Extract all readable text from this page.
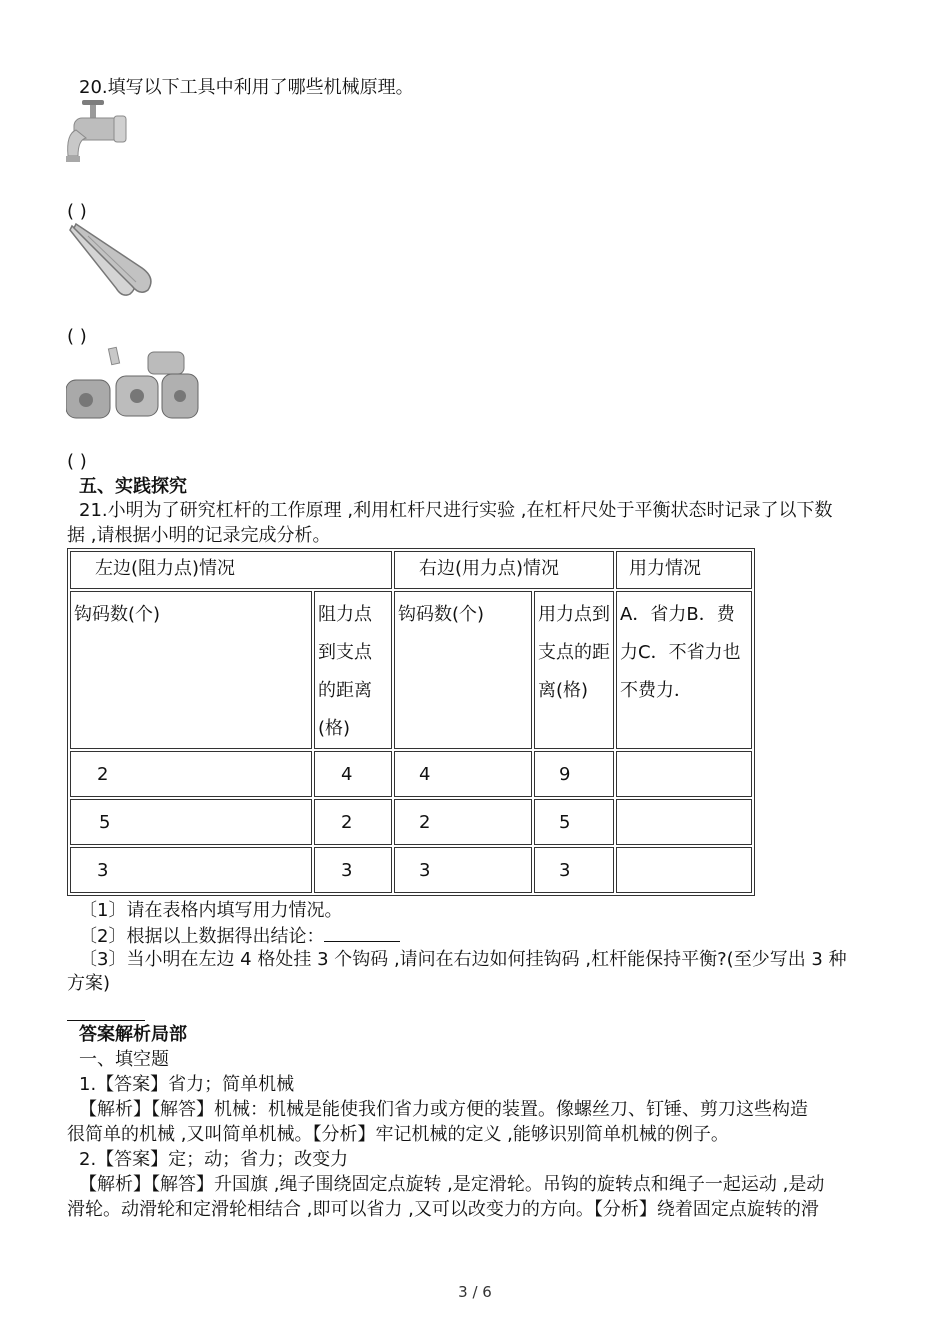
20.填写以下工具中利用了哪些机械原理。
( )
( )
( )
五、实践探究
21.小明为了研究杠杆的工作原理 ,利用杠杆尺进行实验 ,在杠杆尺处于平衡状态时记录了以下数
据 ,请根据小明的记录完成分析。
左边(阻力点)情况		右边(用力点)情况		用力情况
钩码数(个)	阻力点到支点的距离(格)	钩码数(个)	用力点到支点的距离(格)	A．省力B．费力C．不省力也不费力．
2	4	4	9	
5	2	2	5	
3	3	3	3	
〔1〕请在表格内填写用力情况。
〔2〕根据以上数据得出结论：
〔3〕当小明在左边 4 格处挂 3 个钩码 ,请问在右边如何挂钩码 ,杠杆能保持平衡?(至少写出 3 种
方案)
答案解析局部
一、填空题
1.【答案】省力；简单机械
【解析】【解答】机械：机械是能使我们省力或方便的装置。像螺丝刀、钉锤、剪刀这些构造
很简单的机械 ,又叫简单机械。【分析】牢记机械的定义 ,能够识别简单机械的例子。
2.【答案】定；动；省力；改变力
【解析】【解答】升国旗 ,绳子围绕固定点旋转 ,是定滑轮。吊钩的旋转点和绳子一起运动 ,是动
滑轮。动滑轮和定滑轮相结合 ,即可以省力 ,又可以改变力的方向。【分析】绕着固定点旋转的滑
3 / 6
